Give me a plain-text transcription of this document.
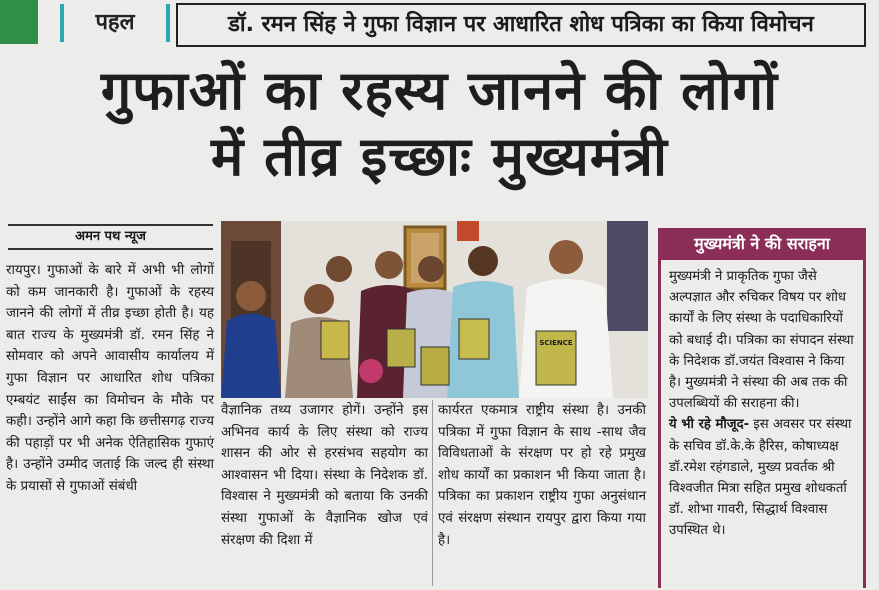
पहल	डॉ. रमन सिंह ने गुफा विज्ञान पर आधारित शोध पत्रिका का किया विमोचन
गुफाओं का रहस्य जानने की लोगों
में तीव्र इच्छाः मुख्यमंत्री
अमन पथ न्यूज
रायपुर। गुफाओं के बारे में अभी भी लोगों को कम जानकारी है। गुफाओं के रहस्य जानने की लोगों में तीव्र इच्छा होती है। यह बात राज्य के मुख्यमंत्री डॉ. रमन सिंह ने सोमवार को अपने आवासीय कार्यालय में गुफा विज्ञान पर आधारित शोध पत्रिका एम्बयंट साईंस का विमोचन के मौके पर कही। उन्होंने आगे कहा कि छत्तीसगढ़ राज्य की पहाड़ों पर भी अनेक ऐतिहासिक गुफाएं है। उन्होंने उम्मीद जताई कि जल्द ही संस्था के प्रयासों से गुफाओं संबंधी
SCIENCE
वैज्ञानिक तथ्य उजागर होगें। उन्होंने इस अभिनव कार्य के लिए संस्था को राज्य शासन की ओर से हरसंभव सहयोग का आश्वासन भी दिया। संस्था के निदेशक डॉ. विश्वास ने मुख्यमंत्री को बताया कि उनकी संस्था गुफाओं के वैज्ञानिक खोज एवं संरक्षण की दिशा में
कार्यरत एकमात्र राष्ट्रीय संस्था है। उनकी पत्रिका में गुफा विज्ञान के साथ -साथ जैव विविधताओं के संरक्षण पर हो रहे प्रमुख शोध कार्यों का प्रकाशन भी किया जाता है। पत्रिका का प्रकाशन राष्ट्रीय गुफा अनुसंधान एवं संरक्षण संस्थान रायपुर द्वारा किया गया है।
मुख्यमंत्री ने की सराहना
मुख्यमंत्री ने प्राकृतिक गुफा जैसे अल्पज्ञात और रुचिकर विषय पर शोध कार्यों के लिए संस्था के पदाधिकारियों को बधाई दी। पत्रिका का संपादन संस्था के निदेशक डॉ.जयंत विश्वास ने किया है। मुख्यमंत्री ने संस्था की अब तक की उपलब्धियों की सराहना की।
ये भी रहे मौजूद- इस अवसर पर संस्था के सचिव डॉ.के.के हैरिस, कोषाध्यक्ष डॉ.रमेश रहंगडाले, मुख्य प्रवर्तक श्री विश्वजीत मित्रा सहित प्रमुख शोधकर्ता डॉ. शोभा गावरी, सिद्धार्थ विश्वास उपस्थित थे।
